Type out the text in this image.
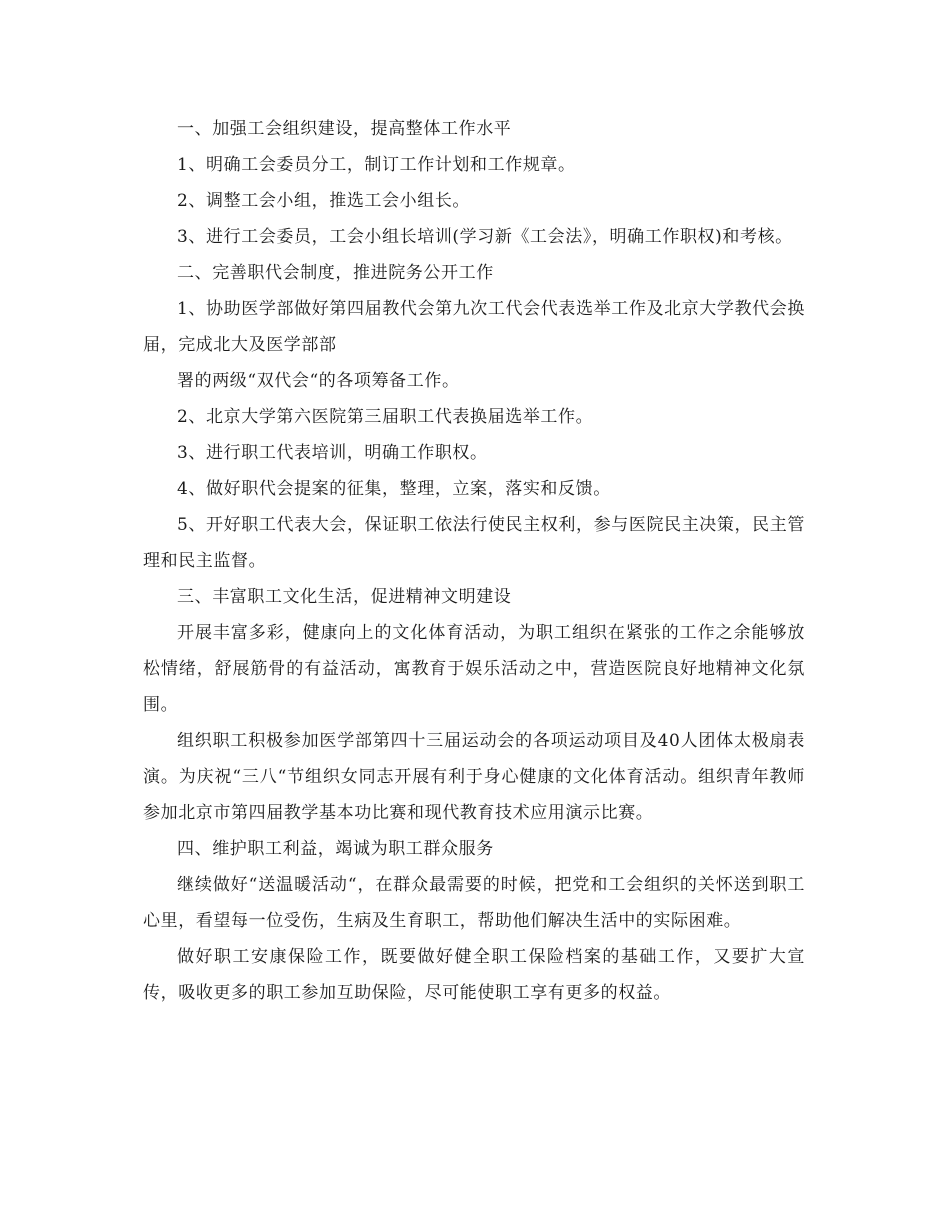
一、加强工会组织建设，提高整体工作水平

1、明确工会委员分工，制订工作计划和工作规章。

2、调整工会小组，推选工会小组长。

3、进行工会委员，工会小组长培训(学习新《工会法》，明确工作职权)和考核。

二、完善职代会制度，推进院务公开工作

1、协助医学部做好第四届教代会第九次工代会代表选举工作及北京大学教代会换届，完成北大及医学部部

署的两级“双代会“的各项筹备工作。

2、北京大学第六医院第三届职工代表换届选举工作。

3、进行职工代表培训，明确工作职权。

4、做好职代会提案的征集，整理，立案，落实和反馈。

5、开好职工代表大会，保证职工依法行使民主权利，参与医院民主决策，民主管理和民主监督。

三、丰富职工文化生活，促进精神文明建设

开展丰富多彩，健康向上的文化体育活动，为职工组织在紧张的工作之余能够放松情绪，舒展筋骨的有益活动，寓教育于娱乐活动之中，营造医院良好地精神文化氛围。

组织职工积极参加医学部第四十三届运动会的各项运动项目及40人团体太极扇表演。为庆祝“三八“节组织女同志开展有利于身心健康的文化体育活动。组织青年教师参加北京市第四届教学基本功比赛和现代教育技术应用演示比赛。

四、维护职工利益，竭诚为职工群众服务

继续做好“送温暖活动“，在群众最需要的时候，把党和工会组织的关怀送到职工心里，看望每一位受伤，生病及生育职工，帮助他们解决生活中的实际困难。

做好职工安康保险工作，既要做好健全职工保险档案的基础工作，又要扩大宣传，吸收更多的职工参加互助保险，尽可能使职工享有更多的权益。
